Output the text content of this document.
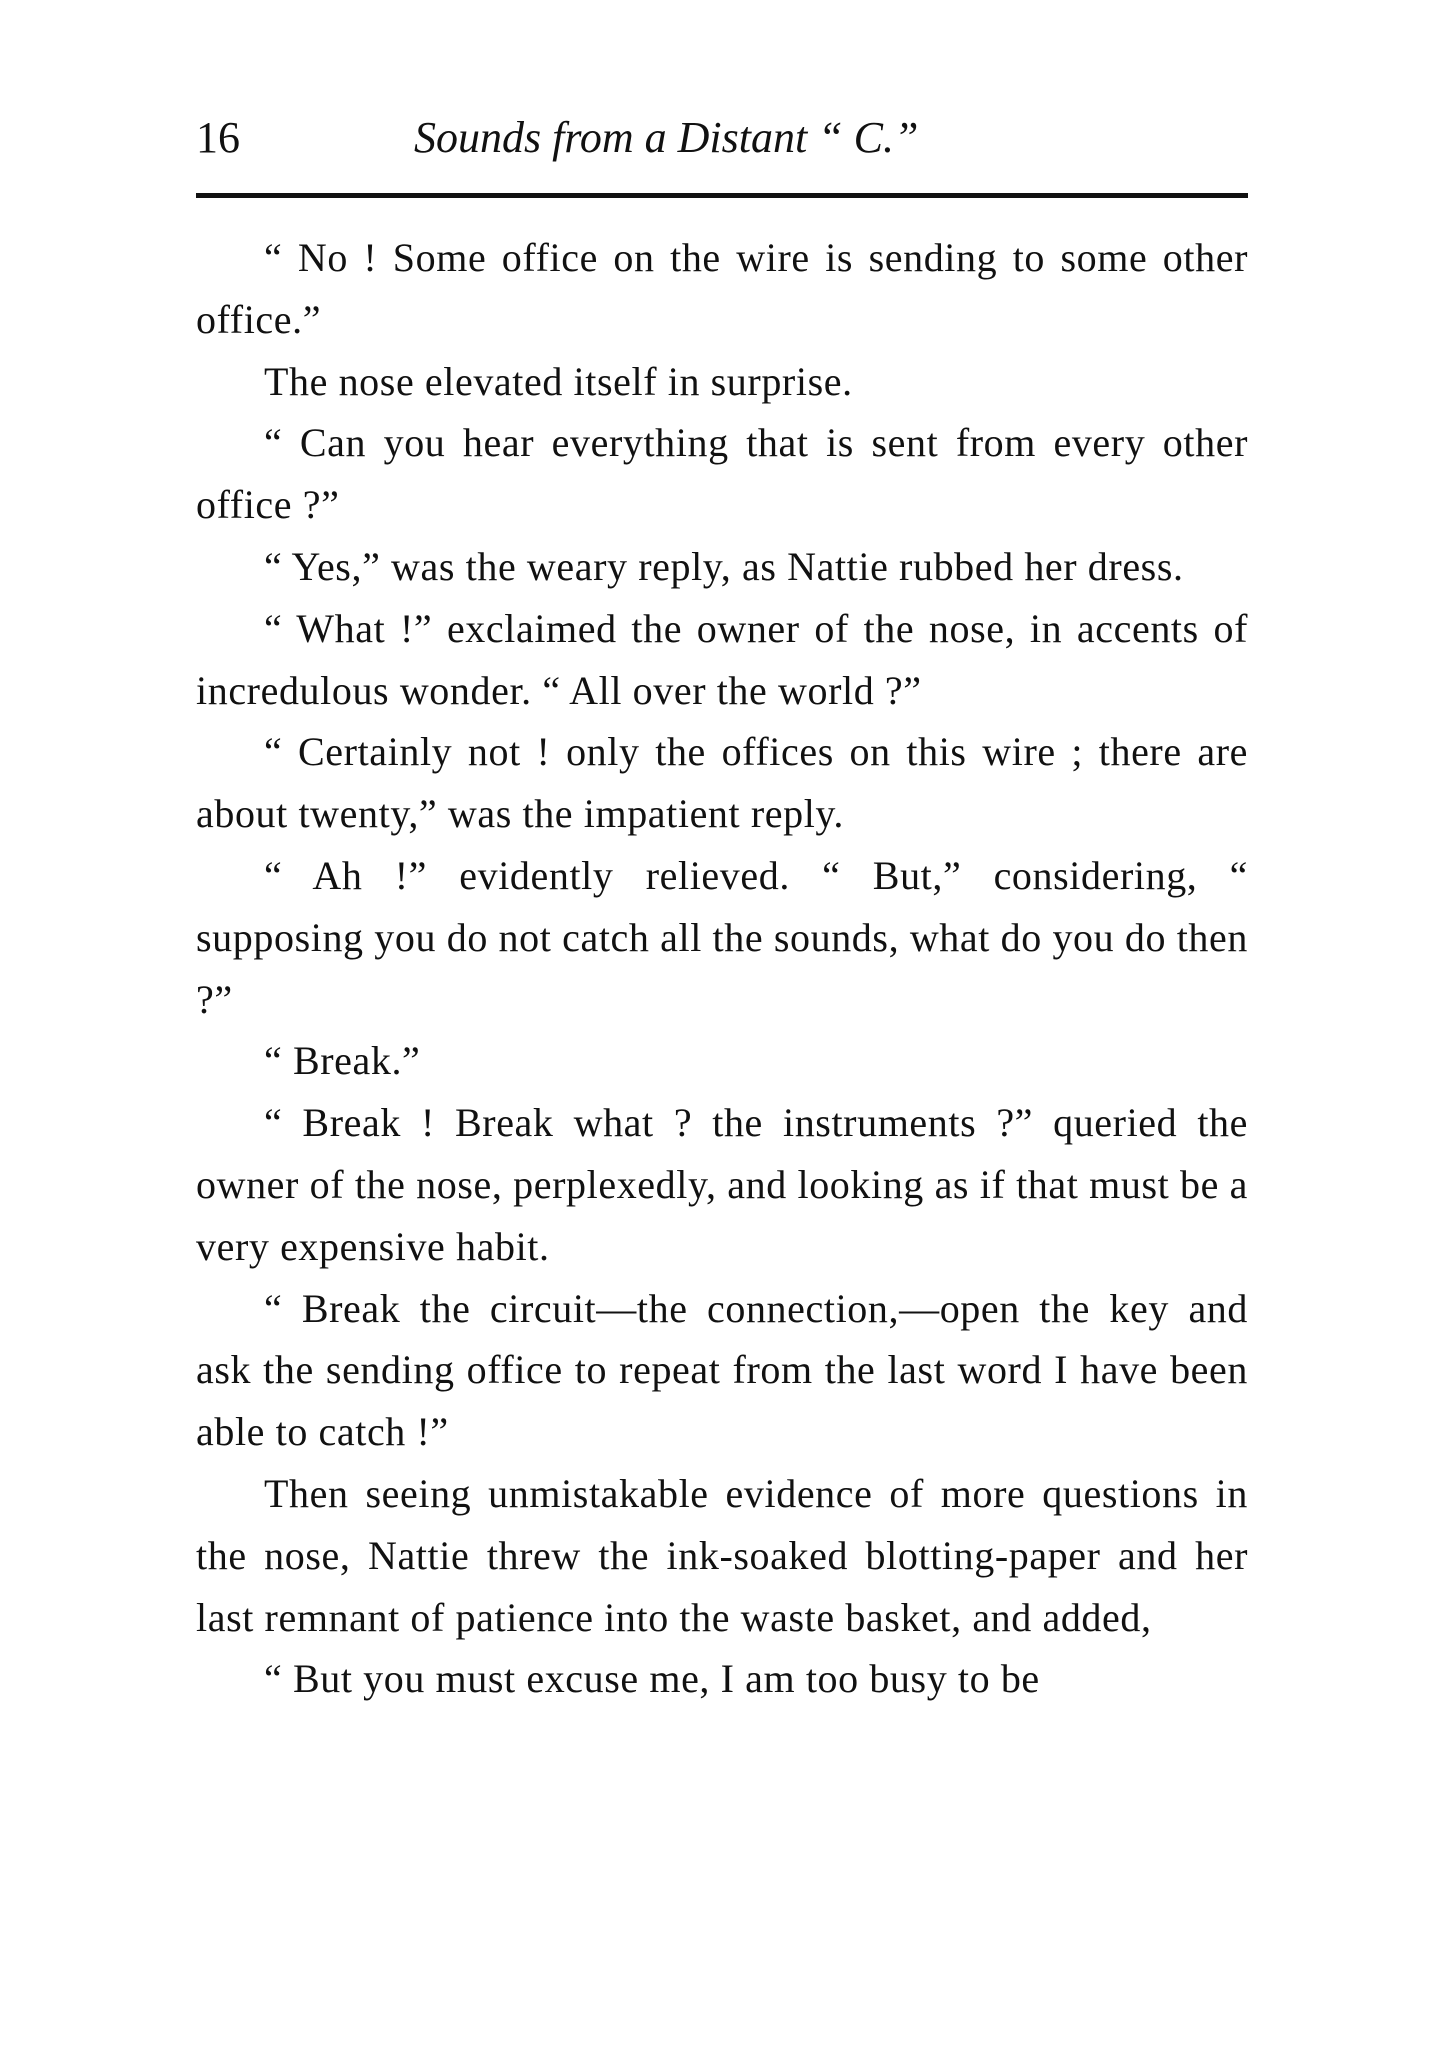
16	Sounds from a Distant “ C.”

“ No ! Some office on the wire is sending to some other office.”

The nose elevated itself in surprise.

“ Can you hear everything that is sent from every other office ?”

“ Yes,” was the weary reply, as Nattie rubbed her dress.

“ What !” exclaimed the owner of the nose, in accents of incredulous wonder. “ All over the world ?”

“ Certainly not ! only the offices on this wire ; there are about twenty,” was the impatient reply.

“ Ah !” evidently relieved. “ But,” considering, “ supposing you do not catch all the sounds, what do you do then ?”

“ Break.”

“ Break ! Break what ? the instruments ?” queried the owner of the nose, perplexedly, and looking as if that must be a very expensive habit.

“ Break the circuit—the connection,—open the key and ask the sending office to repeat from the last word I have been able to catch !”

Then seeing unmistakable evidence of more questions in the nose, Nattie threw the ink-soaked blotting-paper and her last remnant of patience into the waste basket, and added,

“ But you must excuse me, I am too busy to be
